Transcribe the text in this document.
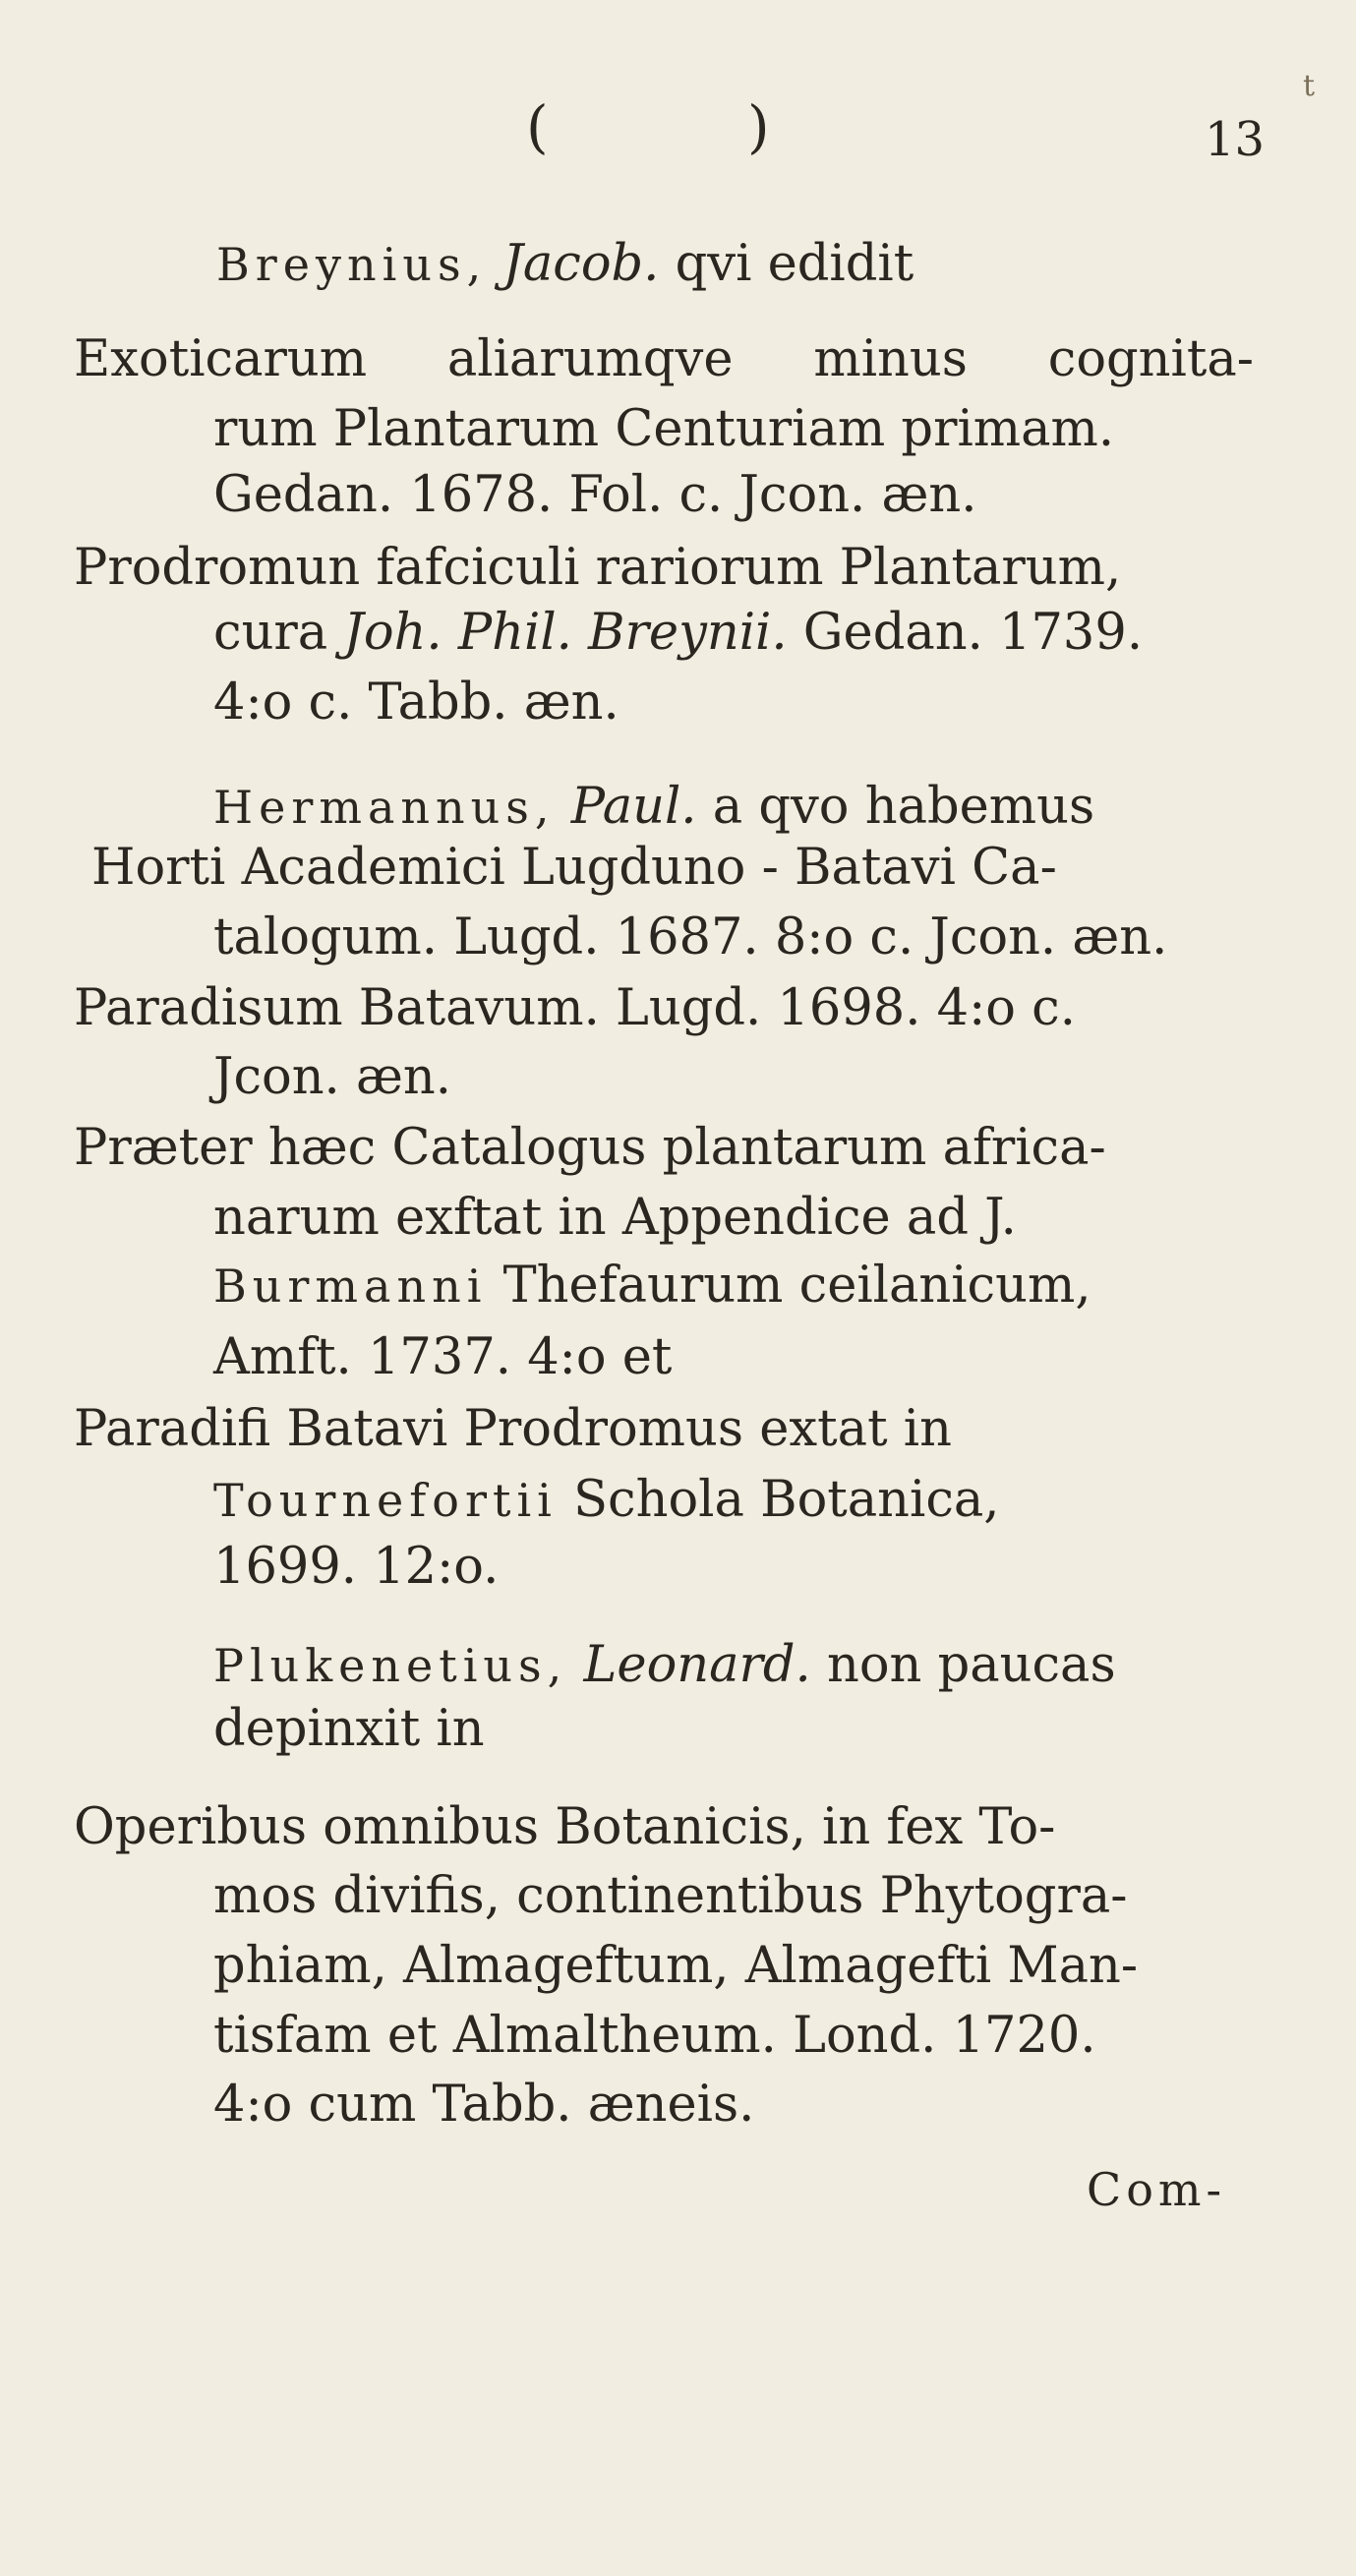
(	)	13
t
Breynius, Jacob. qvi edidit
Exoticarum aliarumqve minus cognita-
rum Plantarum Centuriam primam.
Gedan. 1678. Fol. c. Jcon. æn.
Prodromun fafciculi rariorum Plantarum,
cura Joh. Phil. Breynii. Gedan. 1739.
4:o c. Tabb. æn.
Hermannus, Paul. a qvo habemus
Horti Academici Lugduno - Batavi Ca-
talogum. Lugd. 1687. 8:o c. Jcon. æn.
Paradisum Batavum. Lugd. 1698. 4:o c.
Jcon. æn.
Præter hæc Catalogus plantarum africa-
narum exftat in Appendice ad J.
Burmanni Thefaurum ceilanicum,
Amft. 1737. 4:o et
Paradifi Batavi Prodromus extat in
Tournefortii Schola Botanica,
1699. 12:o.
Plukenetius, Leonard. non paucas
depinxit in
Operibus omnibus Botanicis, in fex To-
mos divifis, continentibus Phytogra-
phiam, Almageftum, Almagefti Man-
tisfam et Almaltheum. Lond. 1720.
4:o cum Tabb. æneis.
Com-
